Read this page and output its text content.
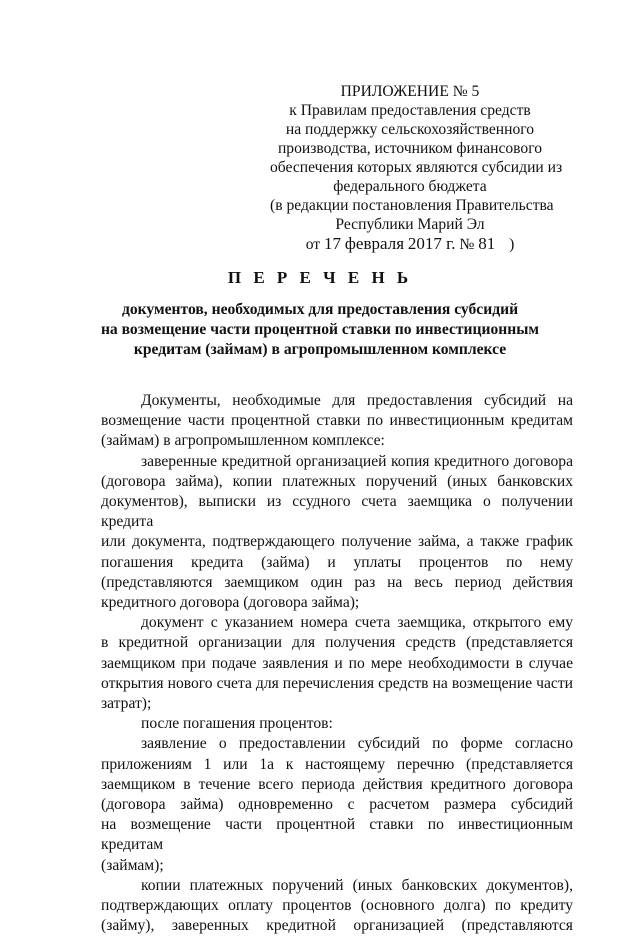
ПРИЛОЖЕНИЕ № 5
к Правилам предоставления средств
на поддержку сельскохозяйственного
производства, источником финансового
обеспечения которых являются субсидии из
федерального бюджета
(в редакции постановления Правительства
Республики Марий Эл
от 17 февраля 2017 г. № 81 )
П Е Р Е Ч Е Н Ь
документов, необходимых для предоставления субсидий
на возмещение части процентной ставки по инвестиционным
кредитам (займам) в агропромышленном комплексе

Документы, необходимые для предоставления субсидий на
возмещение части процентной ставки по инвестиционным кредитам
(займам) в агропромышленном комплексе:

заверенные кредитной организацией копия кредитного договора
(договора займа), копии платежных поручений (иных банковских
документов), выписки из ссудного счета заемщика о получении кредита
или документа, подтверждающего получение займа, а также график
погашения кредита (займа) и уплаты процентов по нему
(представляются заемщиком один раз на весь период действия
кредитного договора (договора займа);

документ с указанием номера счета заемщика, открытого ему
в кредитной организации для получения средств (представляется
заемщиком при подаче заявления и по мере необходимости в случае
открытия нового счета для перечисления средств на возмещение части
затрат);

после погашения процентов:

заявление о предоставлении субсидий по форме согласно
приложениям 1 или 1а к настоящему перечню (представляется
заемщиком в течение всего периода действия кредитного договора
(договора займа) одновременно с расчетом размера субсидий
на возмещение части процентной ставки по инвестиционным кредитам
(займам);

копии платежных поручений (иных банковских документов),
подтверждающих оплату процентов (основного долга) по кредиту
(займу), заверенных кредитной организацией (представляются
